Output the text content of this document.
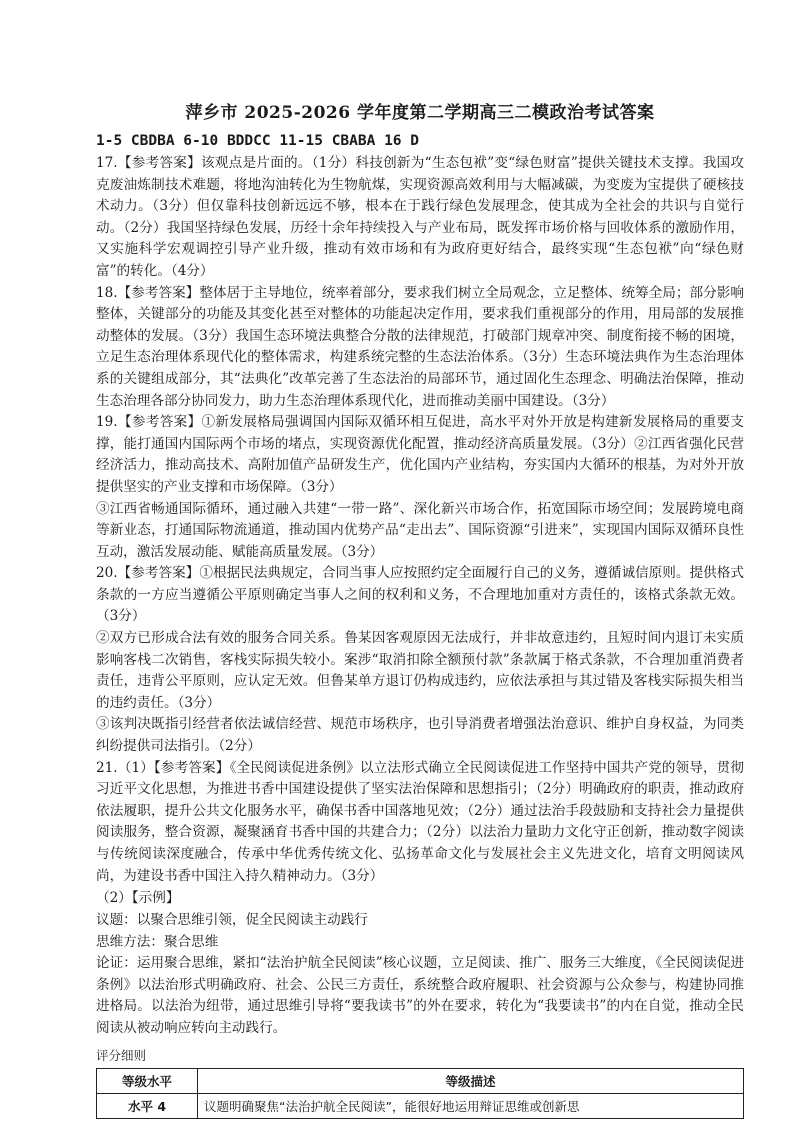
萍乡市 2025-2026 学年度第二学期高三二模政治考试答案

1-5 CBDBA 6-10 BDDCC 11-15 CBABA 16 D

17.【参考答案】该观点是片面的。（1分）科技创新为“生态包袱”变“绿色财富”提供关键技术支撑。我国攻克废油炼制技术难题，将地沟油转化为生物航煤，实现资源高效利用与大幅减碳，为变废为宝提供了硬核技术动力。（3分）但仅靠科技创新远远不够，根本在于践行绿色发展理念，使其成为全社会的共识与自觉行动。（2分）我国坚持绿色发展，历经十余年持续投入与产业布局，既发挥市场价格与回收体系的激励作用，又实施科学宏观调控引导产业升级，推动有效市场和有为政府更好结合，最终实现“生态包袱”向“绿色财富”的转化。（4分）

18.【参考答案】整体居于主导地位，统率着部分，要求我们树立全局观念，立足整体、统筹全局；部分影响整体，关键部分的功能及其变化甚至对整体的功能起决定作用，要求我们重视部分的作用，用局部的发展推动整体的发展。（3分）我国生态环境法典整合分散的法律规范，打破部门规章冲突、制度衔接不畅的困境，立足生态治理体系现代化的整体需求，构建系统完整的生态法治体系。（3分）生态环境法典作为生态治理体系的关键组成部分，其“法典化”改革完善了生态法治的局部环节，通过固化生态理念、明确法治保障，推动生态治理各部分协同发力，助力生态治理体系现代化，进而推动美丽中国建设。（3分）

19.【参考答案】①新发展格局强调国内国际双循环相互促进，高水平对外开放是构建新发展格局的重要支撑，能打通国内国际两个市场的堵点，实现资源优化配置，推动经济高质量发展。（3分）②江西省强化民营经济活力，推动高技术、高附加值产品研发生产，优化国内产业结构，夯实国内大循环的根基，为对外开放提供坚实的产业支撑和市场保障。（3分）

③江西省畅通国际循环，通过融入共建“一带一路”、深化新兴市场合作，拓宽国际市场空间；发展跨境电商等新业态，打通国际物流通道，推动国内优势产品“走出去”、国际资源“引进来”，实现国内国际双循环良性互动，激活发展动能、赋能高质量发展。（3分）

20.【参考答案】①根据民法典规定，合同当事人应按照约定全面履行自己的义务，遵循诚信原则。提供格式条款的一方应当遵循公平原则确定当事人之间的权利和义务，不合理地加重对方责任的，该格式条款无效。（3分）

②双方已形成合法有效的服务合同关系。鲁某因客观原因无法成行，并非故意违约，且短时间内退订未实质影响客栈二次销售，客栈实际损失较小。案涉“取消扣除全额预付款”条款属于格式条款，不合理加重消费者责任，违背公平原则，应认定无效。但鲁某单方退订仍构成违约，应依法承担与其过错及客栈实际损失相当的违约责任。（3分）

③该判决既指引经营者依法诚信经营、规范市场秩序，也引导消费者增强法治意识、维护自身权益，为同类纠纷提供司法指引。（2分）

21.（1）【参考答案】《全民阅读促进条例》以立法形式确立全民阅读促进工作坚持中国共产党的领导，贯彻习近平文化思想，为推进书香中国建设提供了坚实法治保障和思想指引；（2分）明确政府的职责，推动政府依法履职，提升公共文化服务水平，确保书香中国落地见效；（2分）通过法治手段鼓励和支持社会力量提供阅读服务，整合资源，凝聚涵育书香中国的共建合力；（2分）以法治力量助力文化守正创新，推动数字阅读与传统阅读深度融合，传承中华优秀传统文化、弘扬革命文化与发展社会主义先进文化，培育文明阅读风尚，为建设书香中国注入持久精神动力。（3分）

（2）【示例】

议题：以聚合思维引领，促全民阅读主动践行

思维方法：聚合思维

论证：运用聚合思维，紧扣“法治护航全民阅读”核心议题，立足阅读、推广、服务三大维度，《全民阅读促进条例》以法治形式明确政府、社会、公民三方责任，系统整合政府履职、社会资源与公众参与，构建协同推进格局。以法治为纽带，通过思维引导将“要我读书”的外在要求，转化为“我要读书”的内在自觉，推动全民阅读从被动响应转向主动践行。

评分细则

等级水平	等级描述
水平 4	议题明确聚焦“法治护航全民阅读”，能很好地运用辩证思维或创新思
